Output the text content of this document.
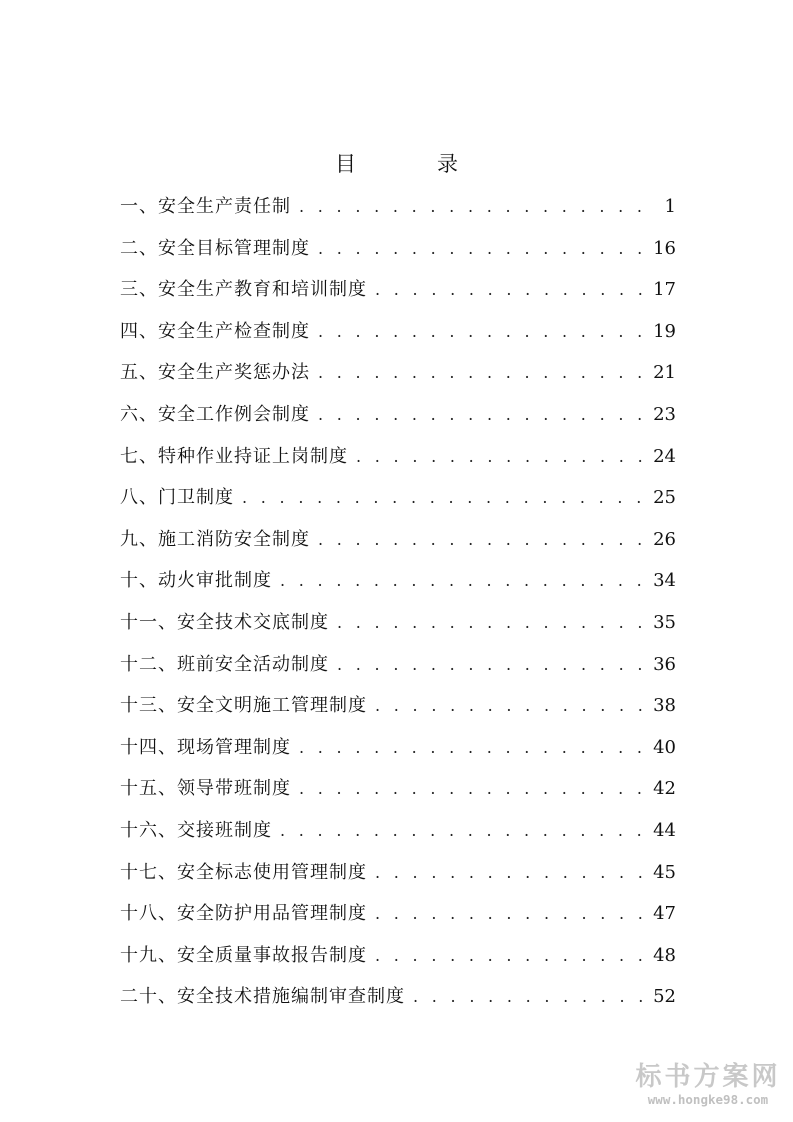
目　录
一、安全生产责任制 . . .	1
二、安全目标管理制度 . . .	16
三、安全生产教育和培训制度 . . .	17
四、安全生产检查制度 . . .	19
五、安全生产奖惩办法 . . .	21
六、安全工作例会制度 . . .	23
七、特种作业持证上岗制度 . . .	24
八、门卫制度 . . .	25
九、施工消防安全制度 . . .	26
十、动火审批制度 . . .	34
十一、安全技术交底制度 . . .	35
十二、班前安全活动制度 . . .	36
十三、安全文明施工管理制度 . . .	38
十四、现场管理制度 . . .	40
十五、领导带班制度 . . .	42
十六、交接班制度 . . .	44
十七、安全标志使用管理制度 . . .	45
十八、安全防护用品管理制度 . . .	47
十九、安全质量事故报告制度 . . .	48
二十、安全技术措施编制审查制度 . . .	52
标书方案网
www.hongke98.com
